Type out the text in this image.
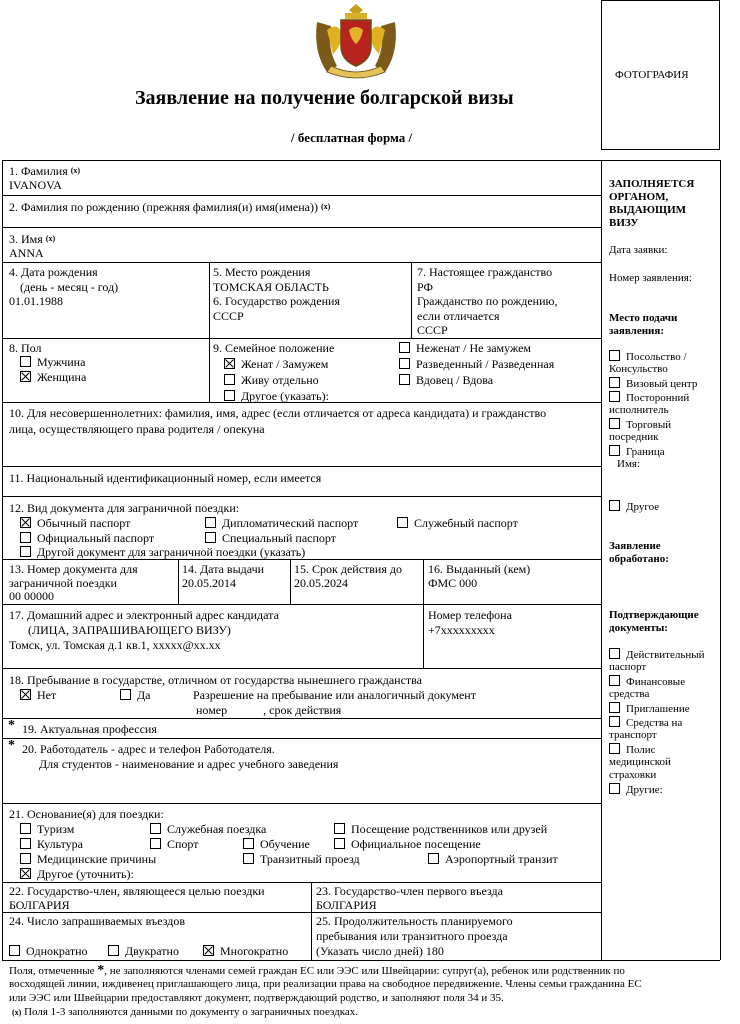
Заявление на получение болгарской визы
/ бесплатная форма /
ФОТОГРАФИЯ
1. Фамилия $^{(x)}$
IVANOVA
2. Фамилия по рождению (прежняя фамилия(и) имя(имена)) $^{(x)}$
3. Имя $^{(x)}$
ANNA
4. Дата рождения
(день - месяц - год)
01.01.1988
5. Место рождения
ТОМСКАЯ ОБЛАСТЬ
6. Государство рождения
СССР
7. Настоящее гражданство
РФ
Гражданство по рождению,
если отличается
СССР
8. Пол
Мужчина
Женщина
9. Семейное положение
Женат / Замужем
Живу отдельно
Другое (указать):
Неженат / Не замужем
Разведенный / Разведенная
Вдовец / Вдова
10. Для несовершеннолетних: фамилия, имя, адрес (если отличается от адреса кандидата) и гражданство
лица, осуществляющего права родителя / опекуна
11. Национальный идентификационный номер, если имеется
12. Вид документа для заграничной поездки:
Обычный паспорт	Дипломатический паспорт	Служебный паспорт
Официальный паспорт	Специальный паспорт
Другой документ для заграничной поездки (указать)
13. Номер документа для
заграничной поездки
00 00000
14. Дата выдачи
20.05.2014
15. Срок действия до
20.05.2024
16. Выданный (кем)
ФМС 000
17. Домашний адрес и электронный адрес кандидата
(ЛИЦА, ЗАПРАШИВАЮЩЕГО ВИЗУ)
Томск, ул. Томская д.1 кв.1, xxxxx@xx.xx
Номер телефона
+7xxxxxxxxx
18. Пребывание в государстве, отличном от государства нынешнего гражданства
Нет	Да	Разрешение на пребывание или аналогичный документ
номер	, срок действия
* 19. Актуальная профессия
* 20. Работодатель - адрес и телефон Работодателя.
Для студентов - наименование и адрес учебного заведения
21. Основание(я) для поездки:
Туризм	Служебная поездка	Посещение родственников или друзей
Культура	Спорт	Обучение	Официальное посещение
Медицинские причины	Транзитный проезд	Аэропортный транзит
Другое (уточнить):
22. Государство-член, являющееся целью поездки
БОЛГАРИЯ
23. Государство-член первого въезда
БОЛГАРИЯ
24. Число запрашиваемых въездов
Однократно	Двукратно	Многократно
25. Продолжительность планируемого
пребывания или транзитного проезда
(Указать число дней) 180
ЗАПОЛНЯЕТСЯ
ОРГАНОМ,
ВЫДАЮЩИМ
ВИЗУ
Дата заявки:
Номер заявления:
Место подачи
заявления:
Посольство /
Консульство
Визовый центр
Посторонний
исполнитель
Торговый
посредник
Граница
Имя:
Другое
Заявление
обработано:
Подтверждающие
документы:
Действительный
паспорт
Финансовые
средства
Приглашение
Средства на
транспорт
Полис
медицинской
страховки
Другие:
Поля, отмеченные *, не заполняются членами семей граждан ЕС или ЭЭС или Швейцарии: супруг(а), ребенок или родственник по
восходящей линии, иждивенец приглашающего лица, при реализации права на свободное передвижение. Члены семьи гражданина ЕС
или ЭЭС или Швейцарии предоставляют документ, подтверждающий родство, и заполняют поля 34 и 35.
$^{(x)}$ Поля 1-3 заполняются данными по документу о заграничных поездках.
